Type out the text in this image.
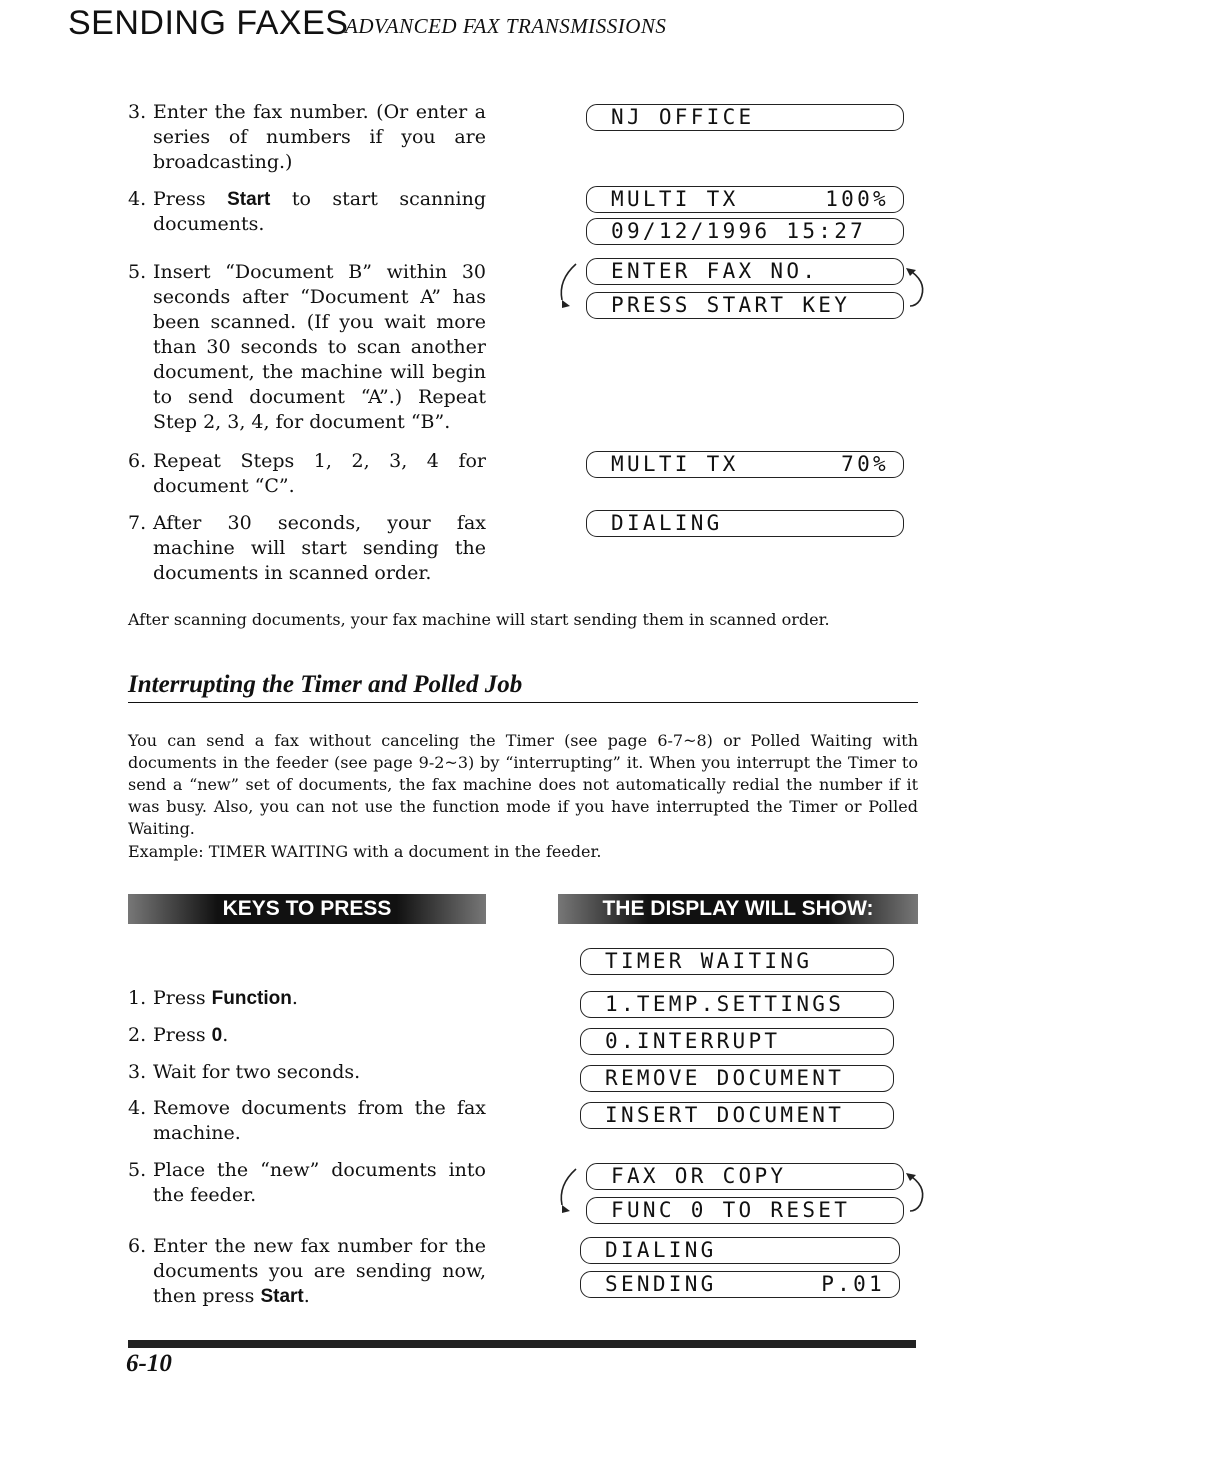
SENDING FAXES
ADVANCED FAX TRANSMISSIONS
3. Enter the fax number. (Or enter a series of numbers if you are broadcasting.)
4. Press Start to start scanning documents.
5. Insert “Document B” within 30 seconds after “Document A” has been scanned. (If you wait more than 30 seconds to scan another document, the machine will begin to send document “A”.) Repeat Step 2, 3, 4, for document “B”.
6. Repeat Steps 1, 2, 3, 4 for document “C”.
7. After 30 seconds, your fax machine will start sending the documents in scanned order.
NJ OFFICE
MULTI TX	100%
09/12/1996 15:27
ENTER FAX NO.
PRESS START KEY
MULTI TX	70%
DIALING
After scanning documents, your fax machine will start sending them in scanned order.
Interrupting the Timer and Polled Job
You can send a fax without canceling the Timer (see page 6-7~8) or Polled Waiting with documents in the feeder (see page 9-2~3) by “interrupting” it. When you interrupt the Timer to send a “new” set of documents, the fax machine does not automatically redial the number if it was busy. Also, you can not use the function mode if you have interrupted the Timer or Polled Waiting.
Example: TIMER WAITING with a document in the feeder.
KEYS TO PRESS	THE DISPLAY WILL SHOW:
1. Press Function.
2. Press 0.
3. Wait for two seconds.
4. Remove documents from the fax machine.
5. Place the “new” documents into the feeder.
6. Enter the new fax number for the documents you are sending now, then press Start.
TIMER WAITING
1.TEMP.SETTINGS
0.INTERRUPT
REMOVE DOCUMENT
INSERT DOCUMENT
FAX OR COPY
FUNC 0 TO RESET
DIALING
SENDING	P.01
6-10
